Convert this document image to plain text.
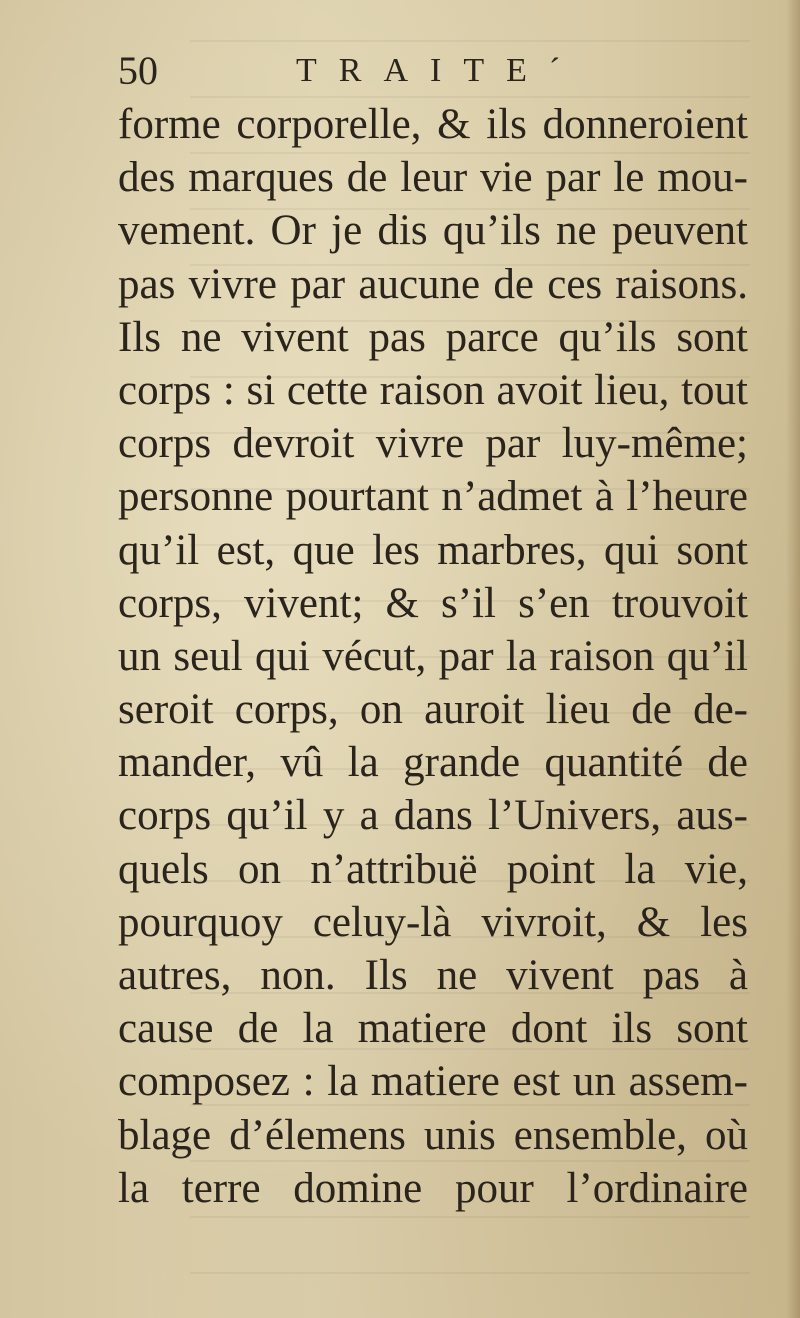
50	TRAITE´
forme corporelle, & ils donneroient
des marques de leur vie par le mou-
vement. Or je dis qu’ils ne peuvent
pas vivre par aucune de ces raisons.
Ils ne vivent pas parce qu’ils sont
corps : si cette raison avoit lieu, tout
corps devroit vivre par luy-même;
personne pourtant n’admet à l’heure
qu’il est, que les marbres, qui sont
corps, vivent; & s’il s’en trouvoit
un seul qui vécut, par la raison qu’il
seroit corps, on auroit lieu de de-
mander, vû la grande quantité de
corps qu’il y a dans l’Univers, aus-
quels on n’attribuë point la vie,
pourquoy celuy-là vivroit, & les
autres, non. Ils ne vivent pas à
cause de la matiere dont ils sont
composez : la matiere est un assem-
blage d’élemens unis ensemble, où
la terre domine pour l’ordinaire
